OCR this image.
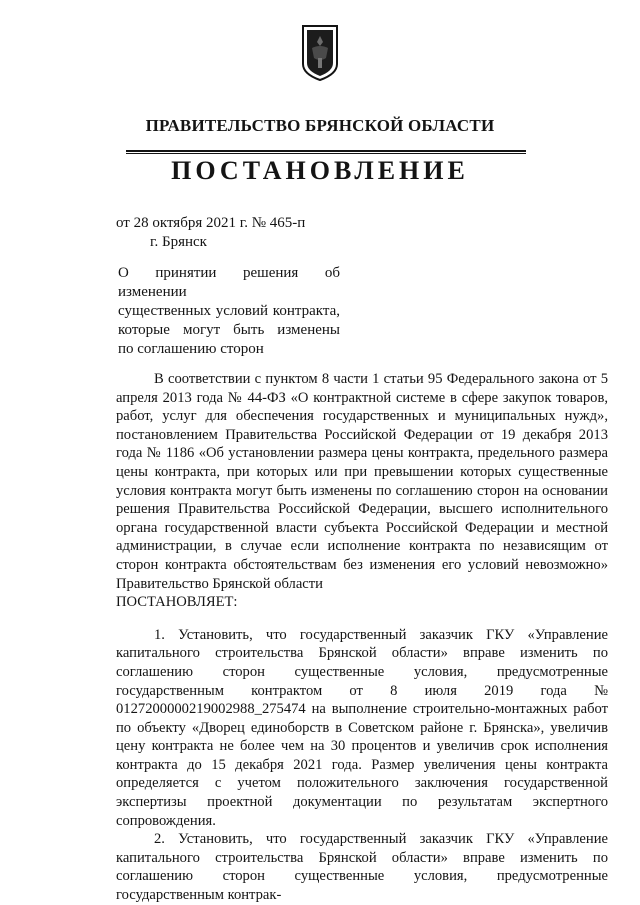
ПРАВИТЕЛЬСТВО БРЯНСКОЙ ОБЛАСТИ
ПОСТАНОВЛЕНИЕ
от 28 октября 2021 г. № 465-п
г. Брянск
О принятии решения об изменении
существенных условий контракта,
которые могут быть изменены
по соглашению сторон

В соответствии с пунктом 8 части 1 статьи 95 Федерального закона от 5 апреля 2013 года № 44-ФЗ «О контрактной системе в сфере закупок товаров, работ, услуг для обеспечения государственных и муниципальных нужд», постановлением Правительства Российской Федерации от 19 декабря 2013 года № 1186 «Об установлении размера цены контракта, предельного размера цены контракта, при которых или при превышении которых существенные условия контракта могут быть изменены по соглашению сторон на основании решения Правительства Российской Федерации, высшего исполнительного органа государственной власти субъекта Российской Федерации и местной администрации, в случае если исполнение контракта по независящим от сторон контракта обстоятельствам без изменения его условий невозможно» Правительство Брянской области

ПОСТАНОВЛЯЕТ:

1. Установить, что государственный заказчик ГКУ «Управление капитального строительства Брянской области» вправе изменить по соглашению сторон существенные условия, предусмотренные государственным контрактом от 8 июля 2019 года № 0127200000219002988_275474 на выполнение строительно-монтажных работ по объекту «Дворец единоборств в Советском районе г. Брянска», увеличив цену контракта не более чем на 30 процентов и увеличив срок исполнения контракта до 15 декабря 2021 года. Размер увеличения цены контракта определяется с учетом положительного заключения государственной экспертизы проектной документации по результатам экспертного сопровождения.

2. Установить, что государственный заказчик ГКУ «Управление капитального строительства Брянской области» вправе изменить по соглашению сторон существенные условия, предусмотренные государственным контрак-
